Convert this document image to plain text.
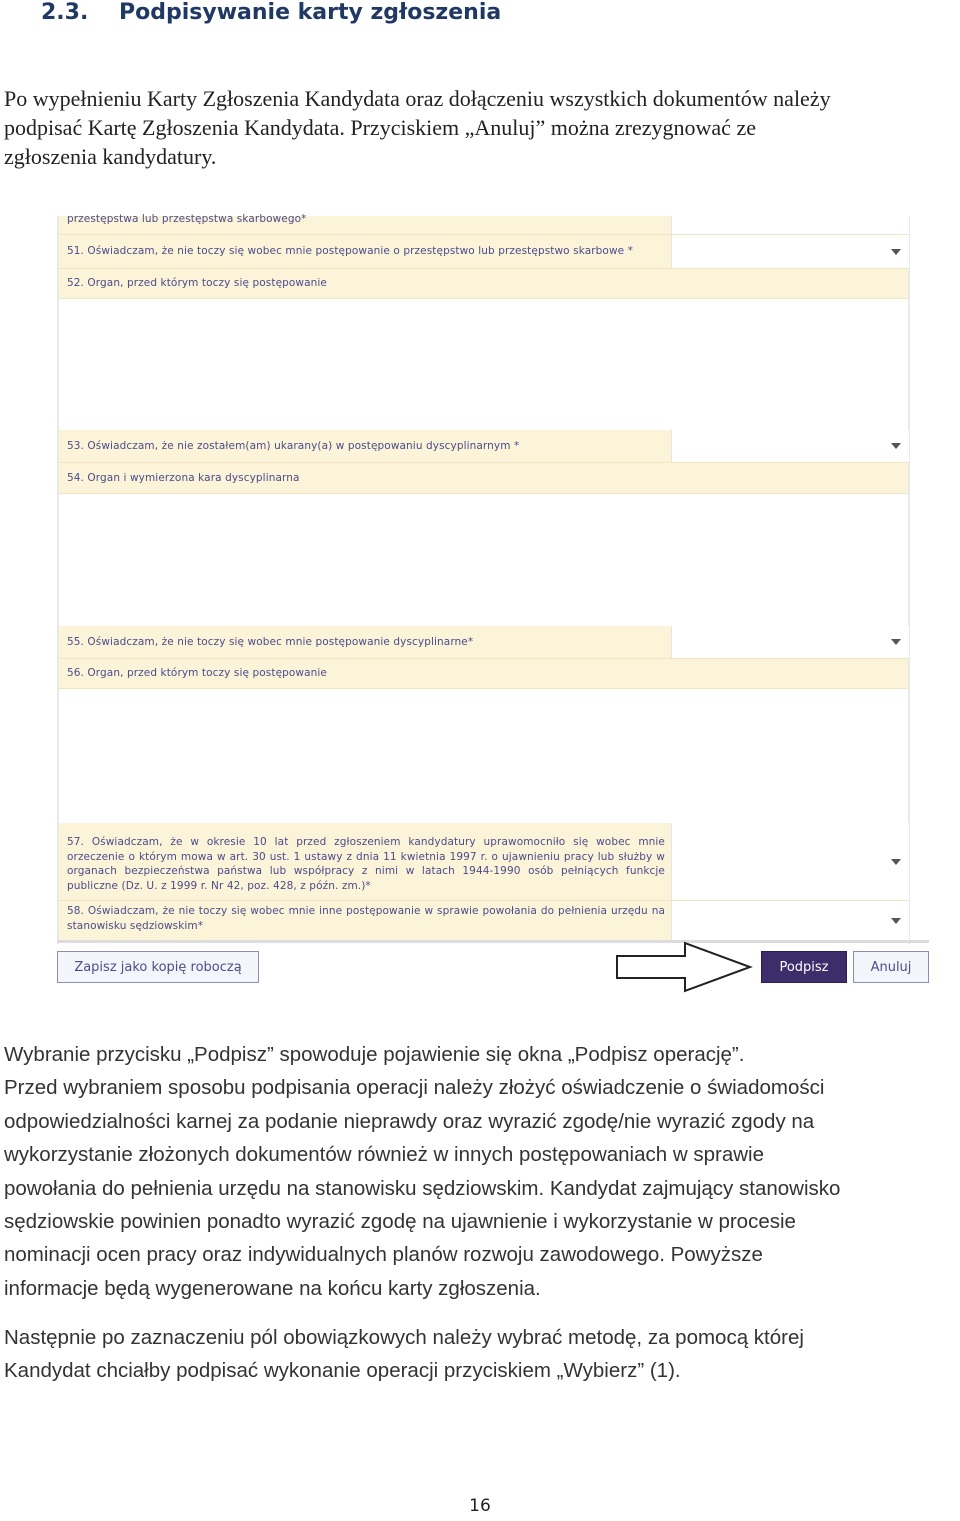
2.3. Podpisywanie karty zgłoszenia
Po wypełnieniu Karty Zgłoszenia Kandydata oraz dołączeniu wszystkich dokumentów należy
podpisać Kartę Zgłoszenia Kandydata. Przyciskiem „Anuluj” można zrezygnować ze
zgłoszenia kandydatury.
przestępstwa lub przestępstwa skarbowego*
51. Oświadczam, że nie toczy się wobec mnie postępowanie o przestępstwo lub przestępstwo skarbowe *
52. Organ, przed którym toczy się postępowanie
53. Oświadczam, że nie zostałem(am) ukarany(a) w postępowaniu dyscyplinarnym *
54. Organ i wymierzona kara dyscyplinarna
55. Oświadczam, że nie toczy się wobec mnie postępowanie dyscyplinarne*
56. Organ, przed którym toczy się postępowanie
57. Oświadczam, że w okresie 10 lat przed zgłoszeniem kandydatury uprawomocniło się wobec mnie orzeczenie o którym mowa w art. 30 ust. 1 ustawy z dnia 11 kwietnia 1997 r. o ujawnieniu pracy lub służby w organach bezpieczeństwa państwa lub współpracy z nimi w latach 1944-1990 osób pełniących funkcje publiczne (Dz. U. z 1999 r. Nr 42, poz. 428, z późn. zm.)*
58. Oświadczam, że nie toczy się wobec mnie inne postępowanie w sprawie powołania do pełnienia urzędu na stanowisku sędziowskim*
Zapisz jako kopię roboczą	Podpisz	Anuluj
Wybranie przycisku „Podpisz” spowoduje pojawienie się okna „Podpisz operację”.
Przed wybraniem sposobu podpisania operacji należy złożyć oświadczenie o świadomości
odpowiedzialności karnej za podanie nieprawdy oraz wyrazić zgodę/nie wyrazić zgody na
wykorzystanie złożonych dokumentów również w innych postępowaniach w sprawie
powołania do pełnienia urzędu na stanowisku sędziowskim. Kandydat zajmujący stanowisko
sędziowskie powinien ponadto wyrazić zgodę na ujawnienie i wykorzystanie w procesie
nominacji ocen pracy oraz indywidualnych planów rozwoju zawodowego. Powyższe
informacje będą wygenerowane na końcu karty zgłoszenia.
Następnie po zaznaczeniu pól obowiązkowych należy wybrać metodę, za pomocą której
Kandydat chciałby podpisać wykonanie operacji przyciskiem „Wybierz” (1).
16
